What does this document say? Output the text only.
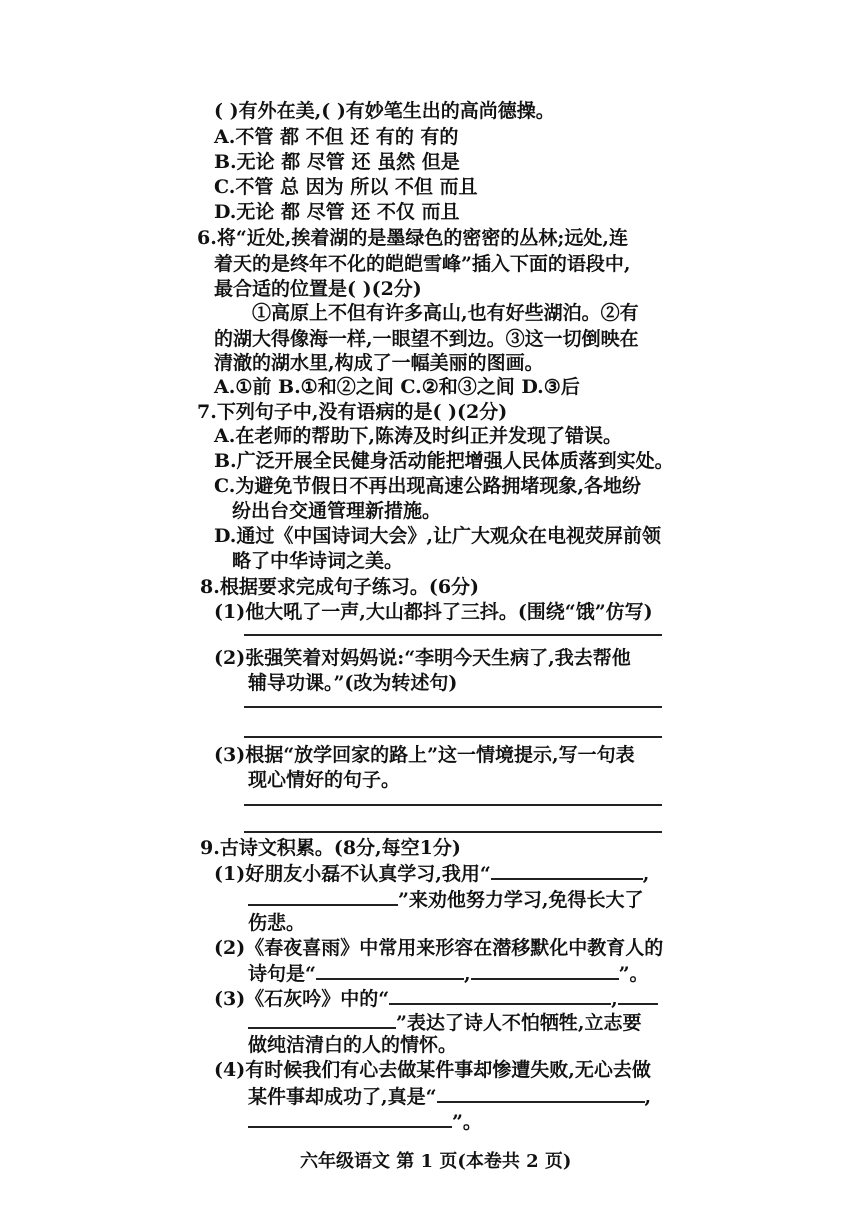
( )有外在美,( )有妙笔生出的高尚德操。
A.不管 都 不但 还 有的 有的
B.无论 都 尽管 还 虽然 但是
C.不管 总 因为 所以 不但 而且
D.无论 都 尽管 还 不仅 而且
6.将“近处,挨着湖的是墨绿色的密密的丛林;远处,连
着天的是终年不化的皑皑雪峰”插入下面的语段中,
最合适的位置是( )(2分)
①高原上不但有许多高山,也有好些湖泊。②有
的湖大得像海一样,一眼望不到边。③这一切倒映在
清澈的湖水里,构成了一幅美丽的图画。
A.①前 B.①和②之间 C.②和③之间 D.③后
7.下列句子中,没有语病的是( )(2分)
A.在老师的帮助下,陈涛及时纠正并发现了错误。
B.广泛开展全民健身活动能把增强人民体质落到实处。
C.为避免节假日不再出现高速公路拥堵现象,各地纷
纷出台交通管理新措施。
D.通过《中国诗词大会》,让广大观众在电视荧屏前领
略了中华诗词之美。
8.根据要求完成句子练习。(6分)
(1)他大吼了一声,大山都抖了三抖。(围绕“饿”仿写)
(2)张强笑着对妈妈说:“李明今天生病了,我去帮他
辅导功课。”(改为转述句)
(3)根据“放学回家的路上”这一情境提示,写一句表
现心情好的句子。
9.古诗文积累。(8分,每空1分)
(1)好朋友小磊不认真学习,我用“	,
”来劝他努力学习,免得长大了
伤悲。
(2)《春夜喜雨》中常用来形容在潜移默化中教育人的
诗句是“	,	”。
(3)《石灰吟》中的“	,
”表达了诗人不怕牺牲,立志要
做纯洁清白的人的情怀。
(4)有时候我们有心去做某件事却惨遭失败,无心去做
某件事却成功了,真是“	,
”。
六年级语文 第 1 页(本卷共 2 页)
